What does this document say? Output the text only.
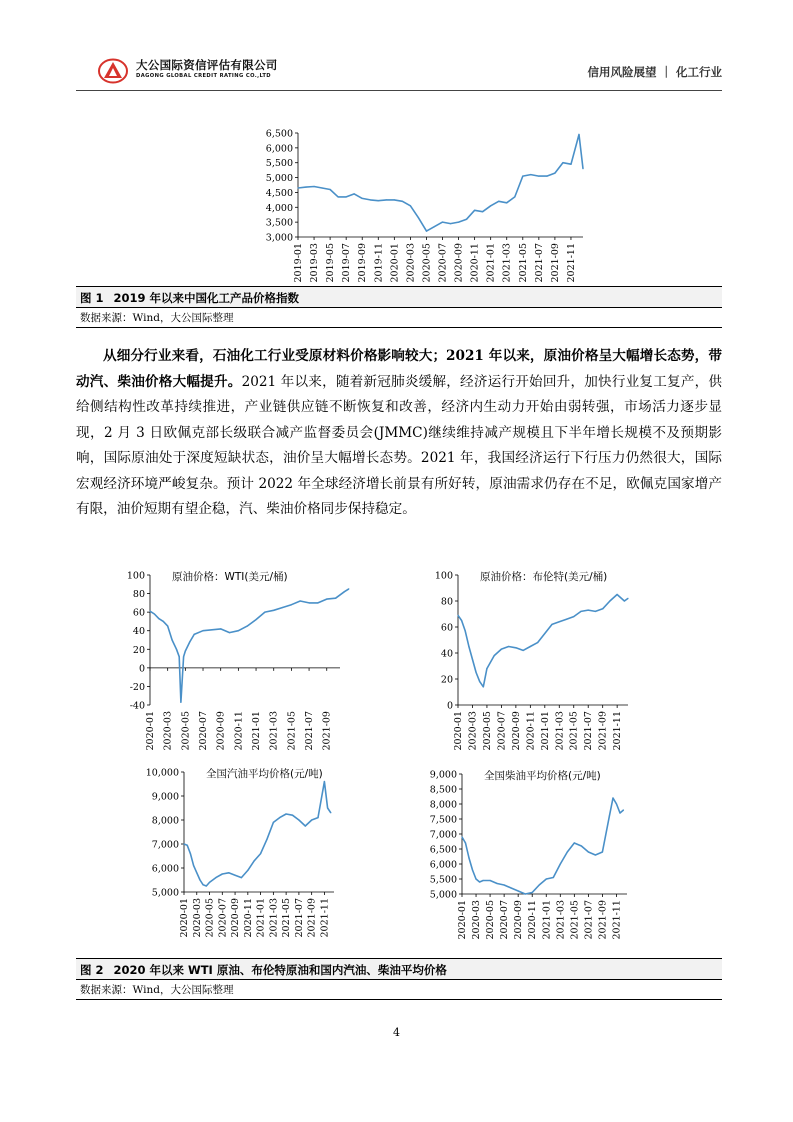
大公国际资信评估有限公司
DAGONG GLOBAL CREDIT RATING CO.,LTD	信用风险展望 ｜ 化工行业
3,000
3,500
4,000
4,500
5,000
5,500
6,000
6,500
2019-01 2019-03 2019-05 2019-07 2019-09 2019-11 2020-01 2020-03 2020-05 2020-07 2020-09 2020-11 2021-01 2021-03 2021-05 2021-07 2021-09 2021-11
图 1 2019 年以来中国化工产品价格指数
数据来源：Wind，大公国际整理

从细分行业来看，石油化工行业受原材料价格影响较大；2021 年以来，原油价格呈大幅增长态势，带动汽、柴油价格大幅提升。2021 年以来，随着新冠肺炎缓解，经济运行开始回升，加快行业复工复产，供给侧结构性改革持续推进，产业链供应链不断恢复和改善，经济内生动力开始由弱转强，市场活力逐步显现，2 月 3 日欧佩克部长级联合减产监督委员会(JMMC)继续维持减产规模且下半年增长规模不及预期影响，国际原油处于深度短缺状态，油价呈大幅增长态势。2021 年，我国经济运行下行压力仍然很大，国际宏观经济环境严峻复杂。预计 2022 年全球经济增长前景有所好转，原油需求仍存在不足，欧佩克国家增产有限，油价短期有望企稳，汽、柴油价格同步保持稳定。

-40
-20
0
20
40
60
80
100
2020-01 2020-03 2020-05 2020-07 2020-09 2020-11 2021-01 2021-03 2021-05 2021-07 2021-09
原油价格：WTI(美元/桶)
0
20
40
60
80
100
2020-01 2020-03 2020-05 2020-07 2020-09 2020-11 2021-01 2021-03 2021-05 2021-07 2021-09 2021-11
原油价格：布伦特(美元/桶)
5,000
6,000
7,000
8,000
9,000
10,000
2020-01 2020-03 2020-05 2020-07 2020-09 2020-11 2021-01 2021-03 2021-05 2021-07 2021-09 2021-11
全国汽油平均价格(元/吨)
5,000
5,500
6,000
6,500
7,000
7,500
8,000
8,500
9,000
2020-01 2020-03 2020-05 2020-07 2020-09 2020-11 2021-01 2021-03 2021-05 2021-07 2021-09 2021-11
全国柴油平均价格(元/吨)
图 2 2020 年以来 WTI 原油、布伦特原油和国内汽油、柴油平均价格
数据来源：Wind，大公国际整理
4
